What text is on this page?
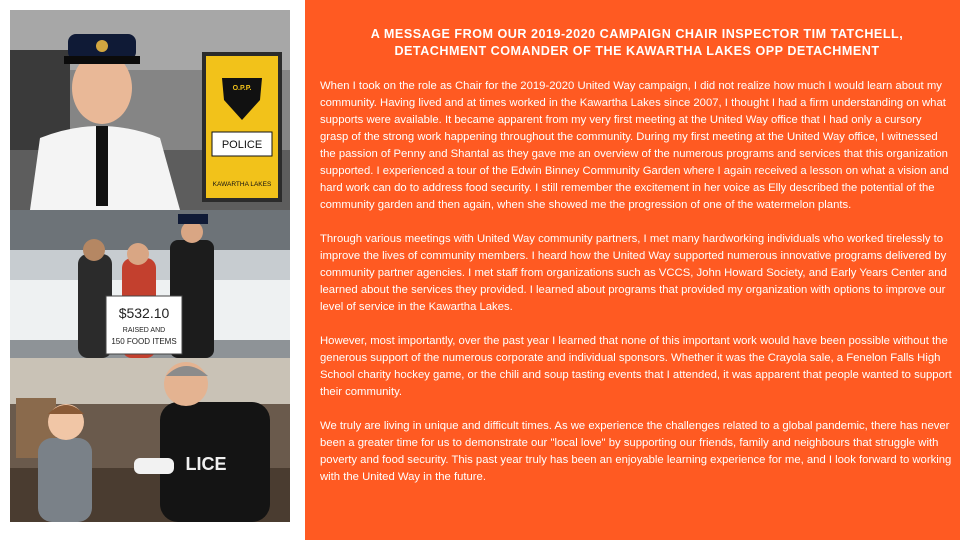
O.P.P.
POLICE
KAWARTHA LAKES
$532.10
RAISED AND
150 FOOD ITEMS
LICE
A MESSAGE FROM OUR 2019-2020 CAMPAIGN CHAIR INSPECTOR TIM TATCHELL,
DETACHMENT COMANDER OF THE KAWARTHA LAKES OPP DETACHMENT

When I took on the role as Chair for the 2019-2020 United Way campaign, I did not realize how much I would learn about my community. Having lived and at times worked in the Kawartha Lakes since 2007, I thought I had a firm understanding on what supports were available. It became apparent from my very first meeting at the United Way office that I had only a cursory grasp of the strong work happening throughout the community. During my first meeting at the United Way office, I witnessed the passion of Penny and Shantal as they gave me an overview of the numerous programs and services that this organization supported. I experienced a tour of the Edwin Binney Community Garden where I again received a lesson on what a vision and hard work can do to address food security. I still remember the excitement in her voice as Elly described the potential of the community garden and then again, when she showed me the progression of one of the watermelon plants.

Through various meetings with United Way community partners, I met many hardworking individuals who worked tirelessly to improve the lives of community members. I heard how the United Way supported numerous innovative programs delivered by community partner agencies. I met staff from organizations such as VCCS, John Howard Society, and Early Years Center and learned about the services they provided. I learned about programs that provided my organization with options to improve our level of service in the Kawartha Lakes.

However, most importantly, over the past year I learned that none of this important work would have been possible without the generous support of the numerous corporate and individual sponsors. Whether it was the Crayola sale, a Fenelon Falls High School charity hockey game, or the chili and soup tasting events that I attended, it was apparent that people wanted to support their community.

We truly are living in unique and difficult times. As we experience the challenges related to a global pandemic, there has never been a greater time for us to demonstrate our "local love" by supporting our friends, family and neighbours that struggle with poverty and food security. This past year truly has been an enjoyable learning experience for me, and I look forward to working with the United Way in the future.
